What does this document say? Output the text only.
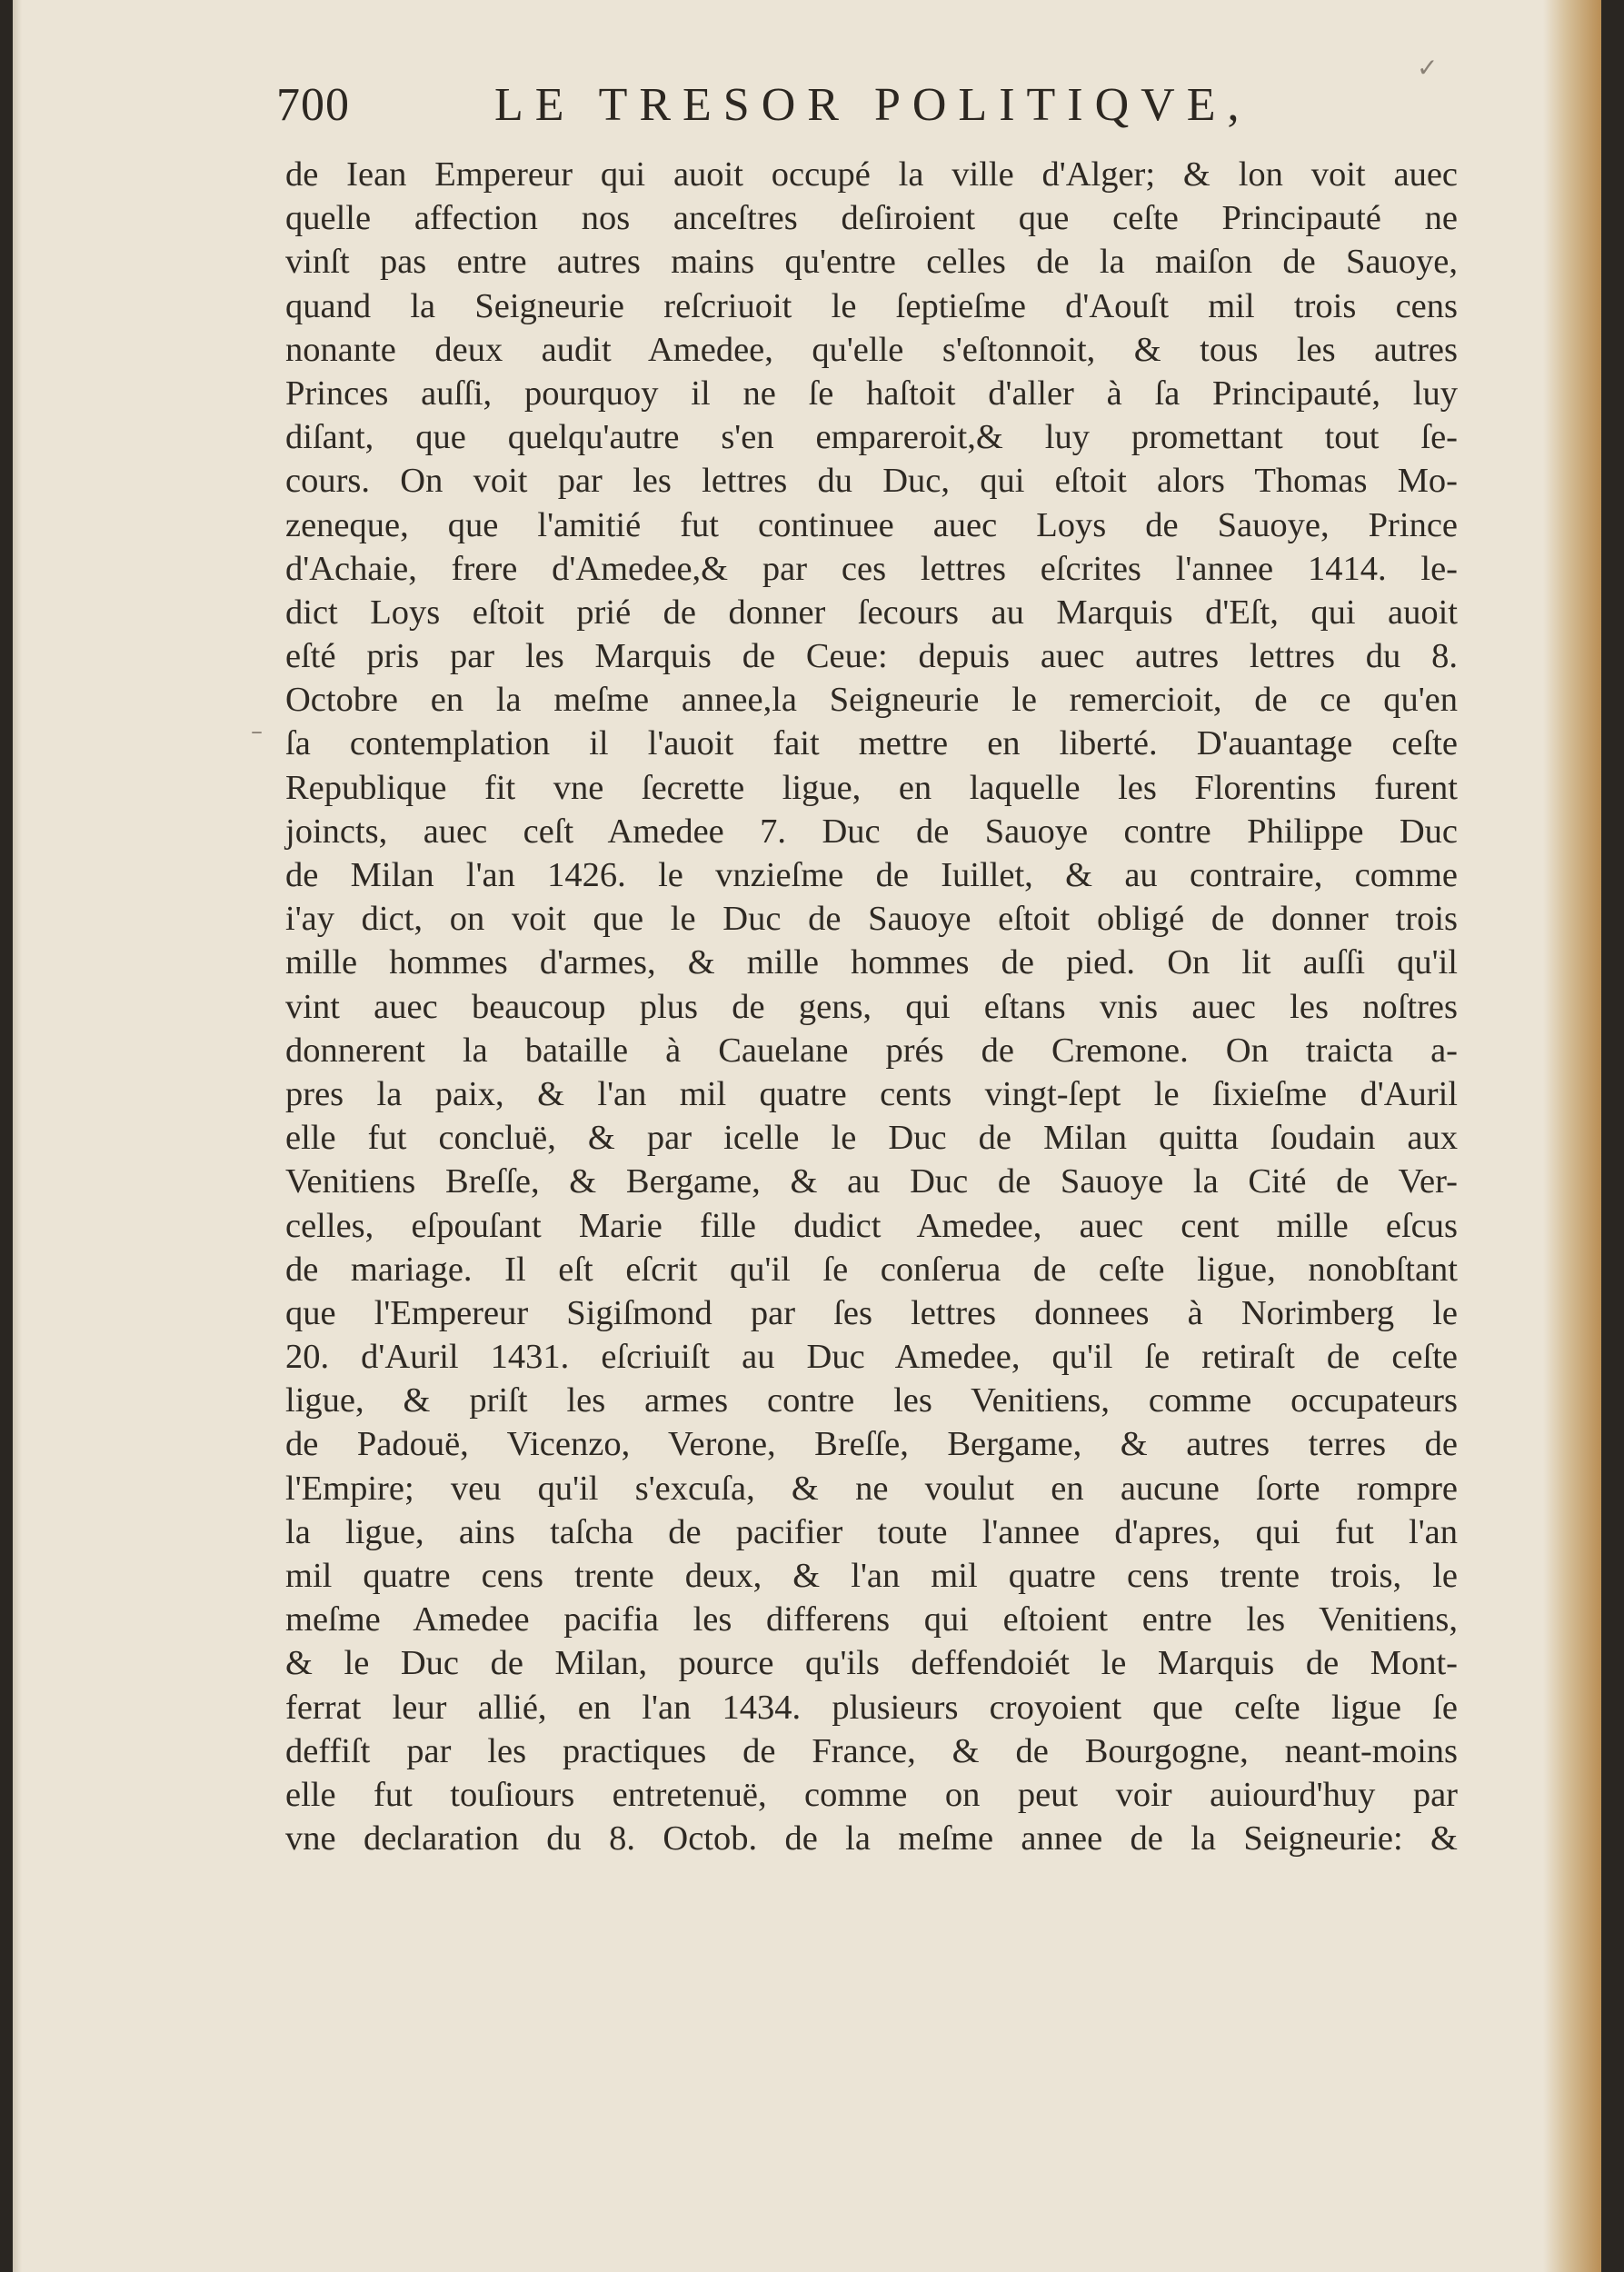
700	LE TRESOR POLITIQVE,
de Iean Empereur qui auoit occupé la ville d'Alger; & lon voit auec
quelle affection nos anceſtres deſiroient que ceſte Principauté ne
vinſt pas entre autres mains qu'entre celles de la maiſon de Sauoye,
quand la Seigneurie reſcriuoit le ſeptieſme d'Aouſt mil trois cens
nonante deux audit Amedee, qu'elle s'eſtonnoit, & tous les autres
Princes auſſi, pourquoy il ne ſe haſtoit d'aller à ſa Principauté, luy
diſant, que quelqu'autre s'en empareroit,& luy promettant tout ſe-
cours. On voit par les lettres du Duc, qui eſtoit alors Thomas Mo-
zeneque, que l'amitié fut continuee auec Loys de Sauoye, Prince
d'Achaie, frere d'Amedee,& par ces lettres eſcrites l'annee 1414. le-
dict Loys eſtoit prié de donner ſecours au Marquis d'Eſt, qui auoit
eſté pris par les Marquis de Ceue: depuis auec autres lettres du 8.
Octobre en la meſme annee,la Seigneurie le remercioit, de ce qu'en
ſa contemplation il l'auoit fait mettre en liberté. D'auantage ceſte
Republique fit vne ſecrette ligue, en laquelle les Florentins furent
joincts, auec ceſt Amedee 7. Duc de Sauoye contre Philippe Duc
de Milan l'an 1426. le vnzieſme de Iuillet, & au contraire, comme
i'ay dict, on voit que le Duc de Sauoye eſtoit obligé de donner trois
mille hommes d'armes, & mille hommes de pied. On lit auſſi qu'il
vint auec beaucoup plus de gens, qui eſtans vnis auec les noſtres
donnerent la bataille à Cauelane prés de Cremone. On traicta a-
pres la paix, & l'an mil quatre cents vingt-ſept le ſixieſme d'Auril
elle fut concluë, & par icelle le Duc de Milan quitta ſoudain aux
Venitiens Breſſe, & Bergame, & au Duc de Sauoye la Cité de Ver-
celles, eſpouſant Marie fille dudict Amedee, auec cent mille eſcus
de mariage. Il eſt eſcrit qu'il ſe conſerua de ceſte ligue, nonobſtant
que l'Empereur Sigiſmond par ſes lettres donnees à Norimberg le
20. d'Auril 1431. eſcriuiſt au Duc Amedee, qu'il ſe retiraſt de ceſte
ligue, & priſt les armes contre les Venitiens, comme occupateurs
de Padouë, Vicenzo, Verone, Breſſe, Bergame, & autres terres de
l'Empire; veu qu'il s'excuſa, & ne voulut en aucune ſorte rompre
la ligue, ains taſcha de pacifier toute l'annee d'apres, qui fut l'an
mil quatre cens trente deux, & l'an mil quatre cens trente trois, le
meſme Amedee pacifia les differens qui eſtoient entre les Venitiens,
& le Duc de Milan, pource qu'ils deffendoiét le Marquis de Mont-
ferrat leur allié, en l'an 1434. plusieurs croyoient que ceſte ligue ſe
deffiſt par les practiques de France, & de Bourgogne, neant-moins
elle fut touſiours entretenuë, comme on peut voir auiourd'huy par
vne declaration du 8. Octob. de la meſme annee de la Seigneurie: &
✓
–
